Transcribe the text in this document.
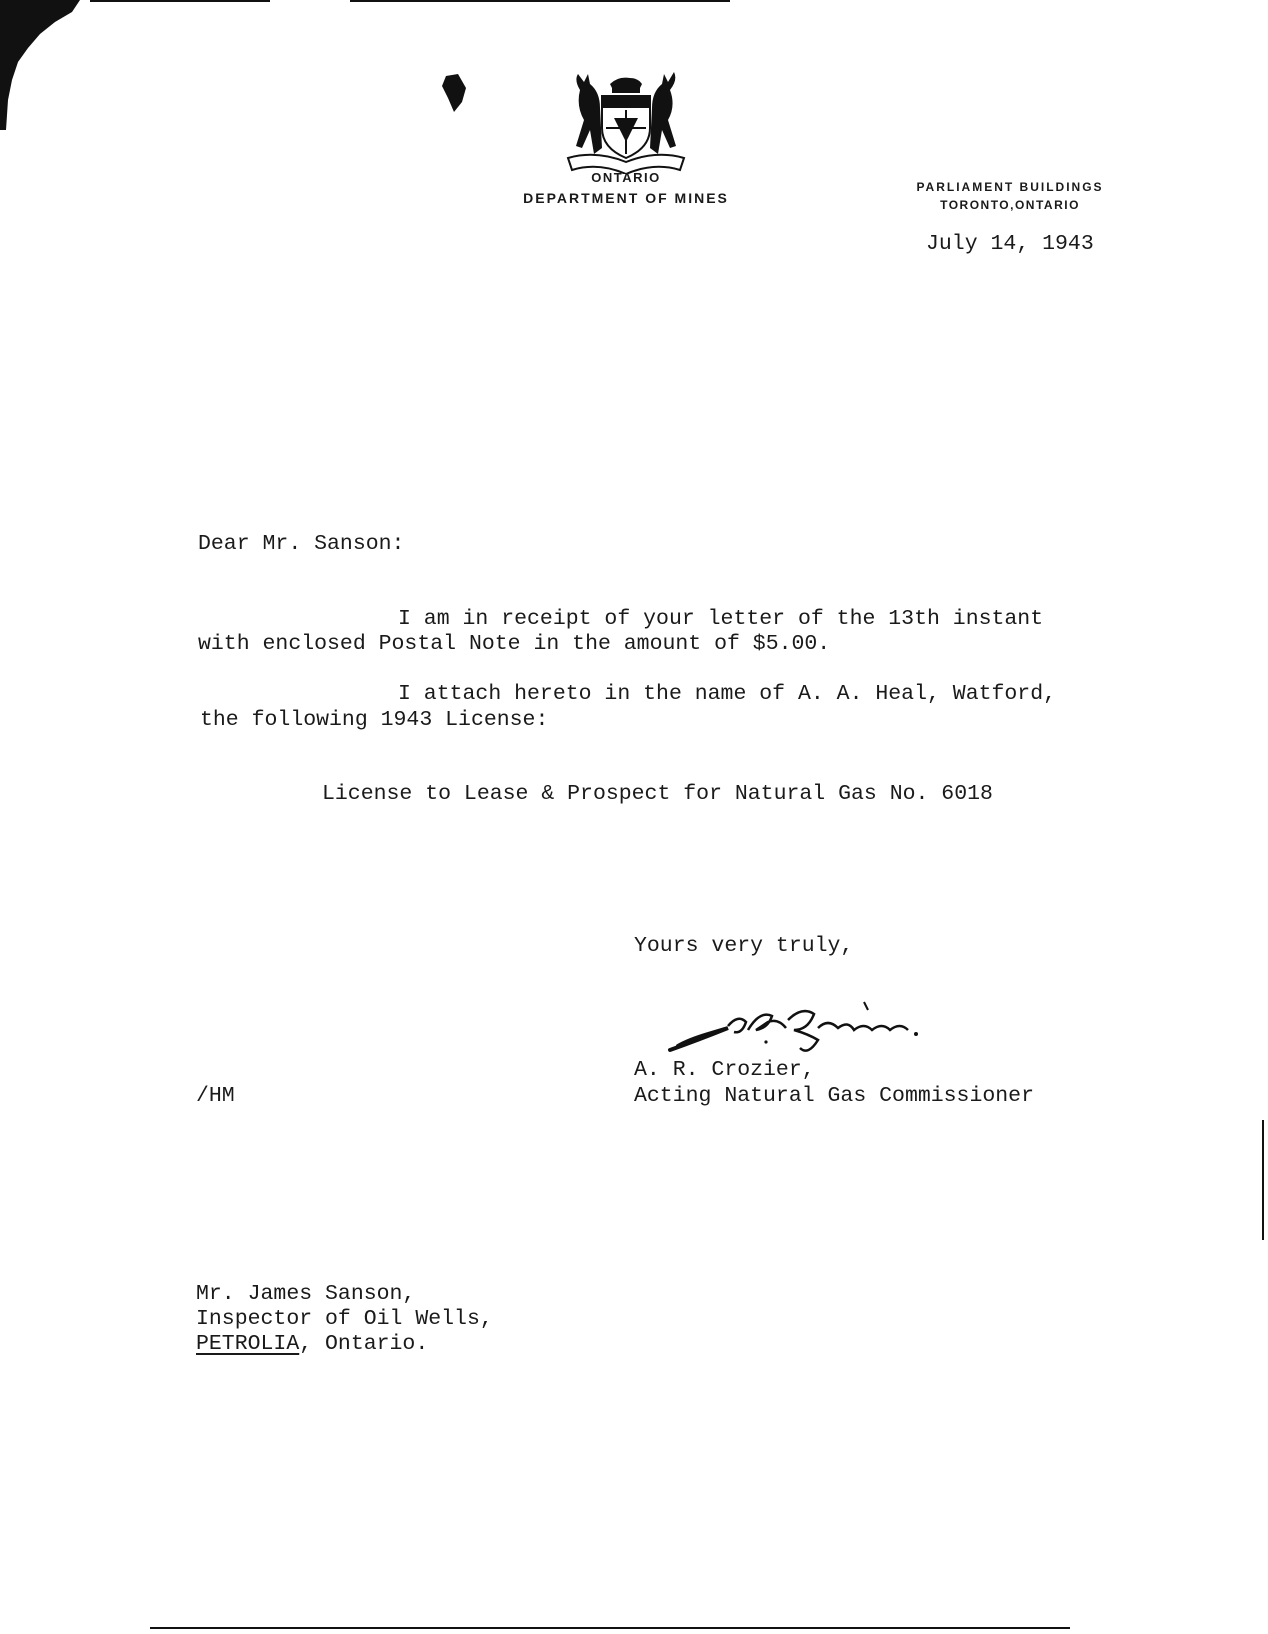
ONTARIO
DEPARTMENT OF MINES
PARLIAMENT BUILDINGS
TORONTO,ONTARIO
July 14, 1943
Dear Mr. Sanson:
I am in receipt of your letter of the 13th instant
with enclosed Postal Note in the amount of $5.00.
I attach hereto in the name of A. A. Heal, Watford,
the following 1943 License:
License to Lease & Prospect for Natural Gas No. 6018
Yours very truly,
A. R. Crozier,
Acting Natural Gas Commissioner
/HM
Mr. James Sanson,
Inspector of Oil Wells,
PETROLIA, Ontario.
